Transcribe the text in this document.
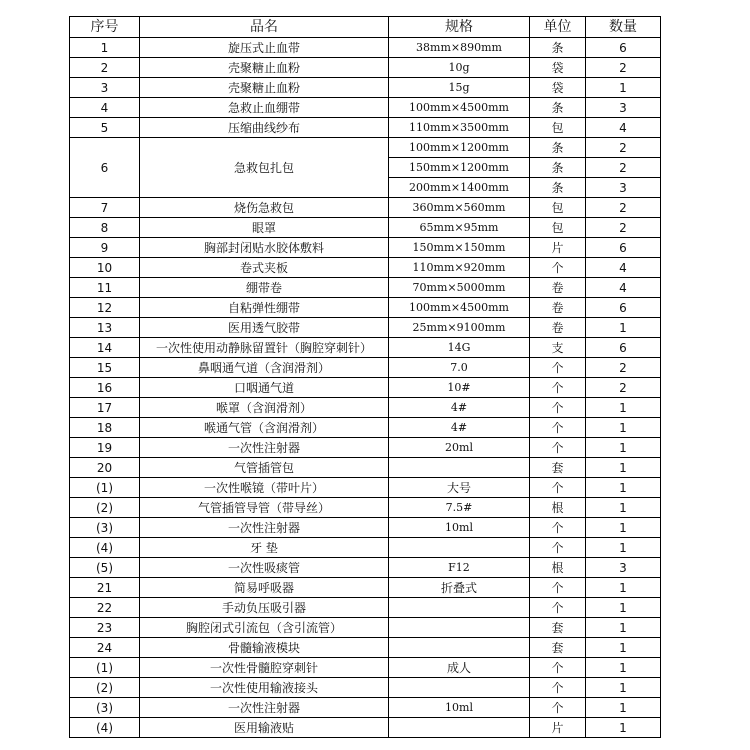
序号	品名	规格	单位	数量
1	旋压式止血带	38mm×890mm	条	6
2	壳聚糖止血粉	10g	袋	2
3	壳聚糖止血粉	15g	袋	1
4	急救止血绷带	100mm×4500mm	条	3
5	压缩曲线纱布	110mm×3500mm	包	4
6	急救包扎包	100mm×1200mm	条	2
		150mm×1200mm	条	2
		200mm×1400mm	条	3
7	烧伤急救包	360mm×560mm	包	2
8	眼罩	65mm×95mm	包	2
9	胸部封闭贴水胶体敷料	150mm×150mm	片	6
10	卷式夹板	110mm×920mm	个	4
11	绷带卷	70mm×5000mm	卷	4
12	自粘弹性绷带	100mm×4500mm	卷	6
13	医用透气胶带	25mm×9100mm	卷	1
14	一次性使用动静脉留置针（胸腔穿刺针）	14G	支	6
15	鼻咽通气道（含润滑剂）	7.0	个	2
16	口咽通气道	10#	个	2
17	喉罩（含润滑剂）	4#	个	1
18	喉通气管（含润滑剂）	4#	个	1
19	一次性注射器	20ml	个	1
20	气管插管包		套	1
(1)	一次性喉镜（带叶片）	大号	个	1
(2)	气管插管导管（带导丝）	7.5#	根	1
(3)	一次性注射器	10ml	个	1
(4)	牙 垫		个	1
(5)	一次性吸痰管	F12	根	3
21	简易呼吸器	折叠式	个	1
22	手动负压吸引器		个	1
23	胸腔闭式引流包（含引流管）		套	1
24	骨髓输液模块		套	1
(1)	一次性骨髓腔穿刺针	成人	个	1
(2)	一次性使用输液接头		个	1
(3)	一次性注射器	10ml	个	1
(4)	医用输液贴		片	1
